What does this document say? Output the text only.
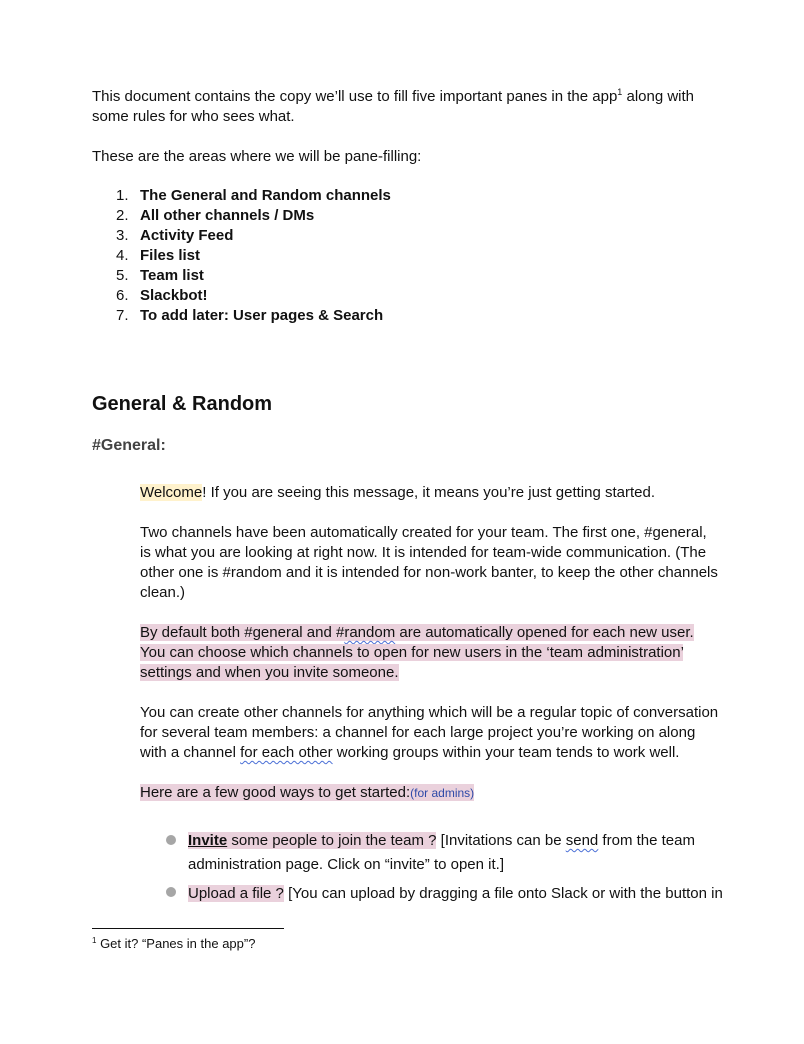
This document contains the copy we’ll use to fill five important panes in the app$^1$ along with
some rules for who sees what.
These are the areas where we will be pane-filling:
1. The General and Random channels
2. All other channels / DMs
3. Activity Feed
4. Files list
5. Team list
6. Slackbot!
7. To add later: User pages & Search
General & Random
#General:
Welcome! If you are seeing this message, it means you’re just getting started.
Two channels have been automatically created for your team. The first one, #general, is what you are looking at right now. It is intended for team-wide communication. (The other one is #random and it is intended for non-work banter, to keep the other channels clean.)
By default both #general and #random are automatically opened for each new user. You can choose which channels to open for new users in the ‘team administration’ settings and when you invite someone.
You can create other channels for anything which will be a regular topic of conversation for several team members: a channel for each large project you’re working on along with a channel for each other working groups within your team tends to work well.
Here are a few good ways to get started:(for admins)
Invite some people to join the team ? [Invitations can be send from the team administration page. Click on “invite” to open it.]
Upload a file ? [You can upload by dragging a file onto Slack or with the button in
$^1$ Get it? “Panes in the app”?
